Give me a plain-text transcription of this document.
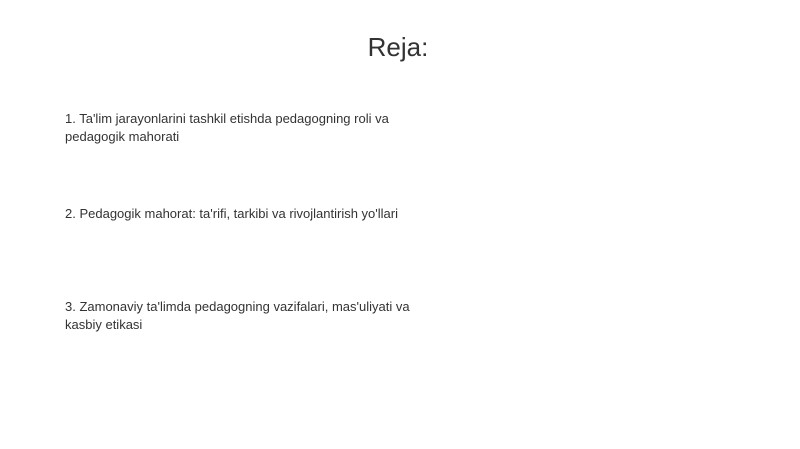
Reja:
1. Ta'lim jarayonlarini tashkil etishda pedagogning roli va pedagogik mahorati
2. Pedagogik mahorat: ta'rifi, tarkibi va rivojlantirish yo'llari
3. Zamonaviy ta'limda pedagogning vazifalari, mas'uliyati va kasbiy etikasi
